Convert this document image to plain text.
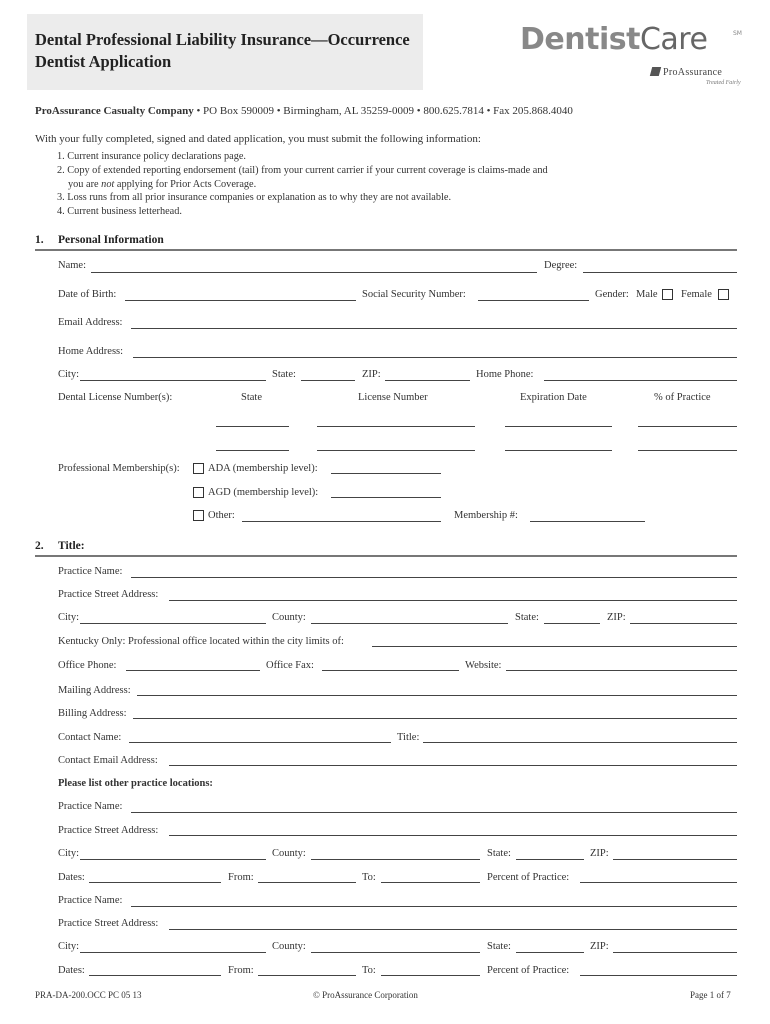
Dental Professional Liability Insurance—Occurrence
Dentist Application
DentistCare	SM
ProAssurance
Treated Fairly
ProAssurance Casualty Company • PO Box 590009 • Birmingham, AL 35259-0009 • 800.625.7814 • Fax 205.868.4040
With your fully completed, signed and dated application, you must submit the following information:
1. Current insurance policy declarations page.
2. Copy of extended reporting endorsement (tail) from your current carrier if your current coverage is claims-made and
you are not applying for Prior Acts Coverage.
3. Loss runs from all prior insurance companies or explanation as to why they are not available.
4. Current business letterhead.
1. Personal Information
Name:	Degree:
Date of Birth:	Social Security Number:	Gender: Male Female
Email Address:
Home Address:
City:	State:	ZIP:	Home Phone:
Dental License Number(s):	State	License Number	Expiration Date	% of Practice
Professional Membership(s):	ADA (membership level):
AGD (membership level):
Other:	Membership #:
2. Title:
Practice Name:
Practice Street Address:
City:	County:	State:	ZIP:
Kentucky Only: Professional office located within the city limits of:
Office Phone:	Office Fax:	Website:
Mailing Address:
Billing Address:
Contact Name:	Title:
Contact Email Address:
Please list other practice locations:
Practice Name:
Practice Street Address:
City:	County:	State:	ZIP:
Dates:	From:	To:	Percent of Practice:
Practice Name:
Practice Street Address:
City:	County:	State:	ZIP:
Dates:	From:	To:	Percent of Practice:
PRA-DA-200.OCC PC 05 13	© ProAssurance Corporation	Page 1 of 7
